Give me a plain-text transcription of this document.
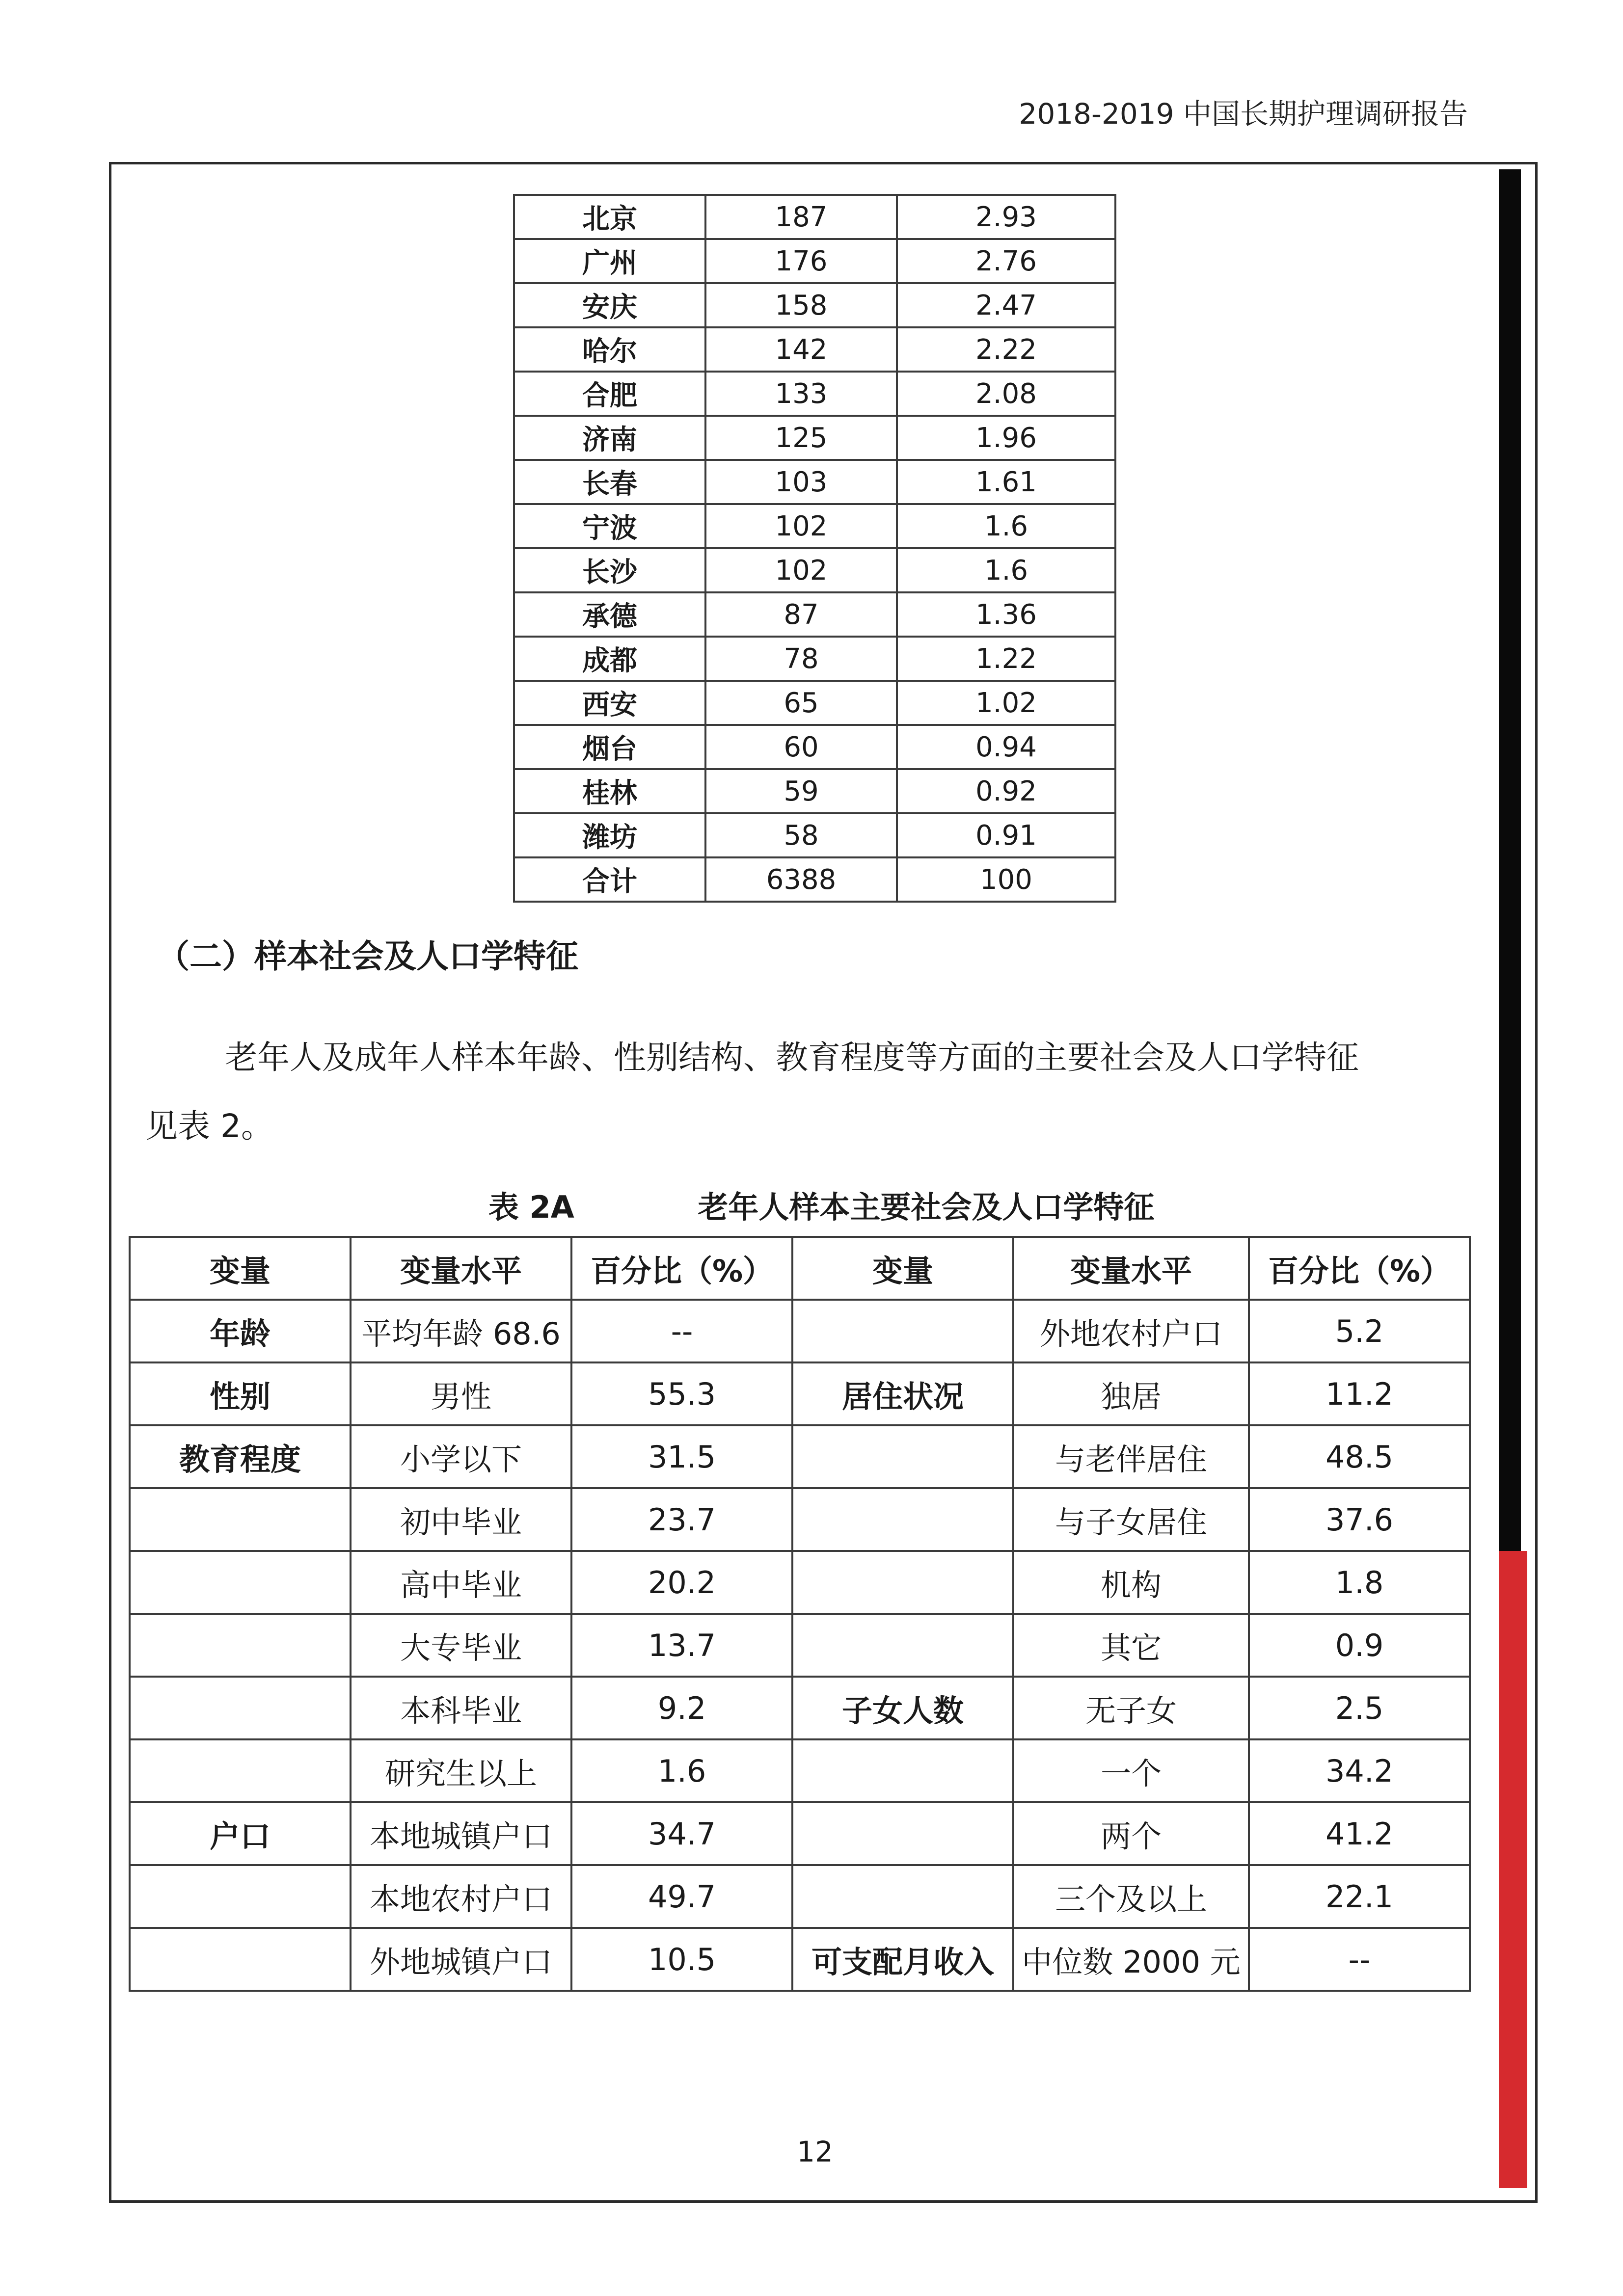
2018-2019 中国长期护理调研报告
北京	187	2.93
广州	176	2.76
安庆	158	2.47
哈尔	142	2.22
合肥	133	2.08
济南	125	1.96
长春	103	1.61
宁波	102	1.6
长沙	102	1.6
承德	87	1.36
成都	78	1.22
西安	65	1.02
烟台	60	0.94
桂林	59	0.92
潍坊	58	0.91
合计	6388	100
（二）样本社会及人口学特征

老年人及成年人样本年龄、性别结构、教育程度等方面的主要社会及人口学特征见表 2。

表 2A	老年人样本主要社会及人口学特征
变量	变量水平	百分比（%）	变量	变量水平	百分比（%）
年龄	平均年龄 68.6	--		外地农村户口	5.2
性别	男性	55.3	居住状况	独居	11.2
教育程度	小学以下	31.5		与老伴居住	48.5
	初中毕业	23.7		与子女居住	37.6
	高中毕业	20.2		机构	1.8
	大专毕业	13.7		其它	0.9
	本科毕业	9.2	子女人数	无子女	2.5
	研究生以上	1.6		一个	34.2
户口	本地城镇户口	34.7		两个	41.2
	本地农村户口	49.7		三个及以上	22.1
	外地城镇户口	10.5	可支配月收入	中位数 2000 元	--
12
